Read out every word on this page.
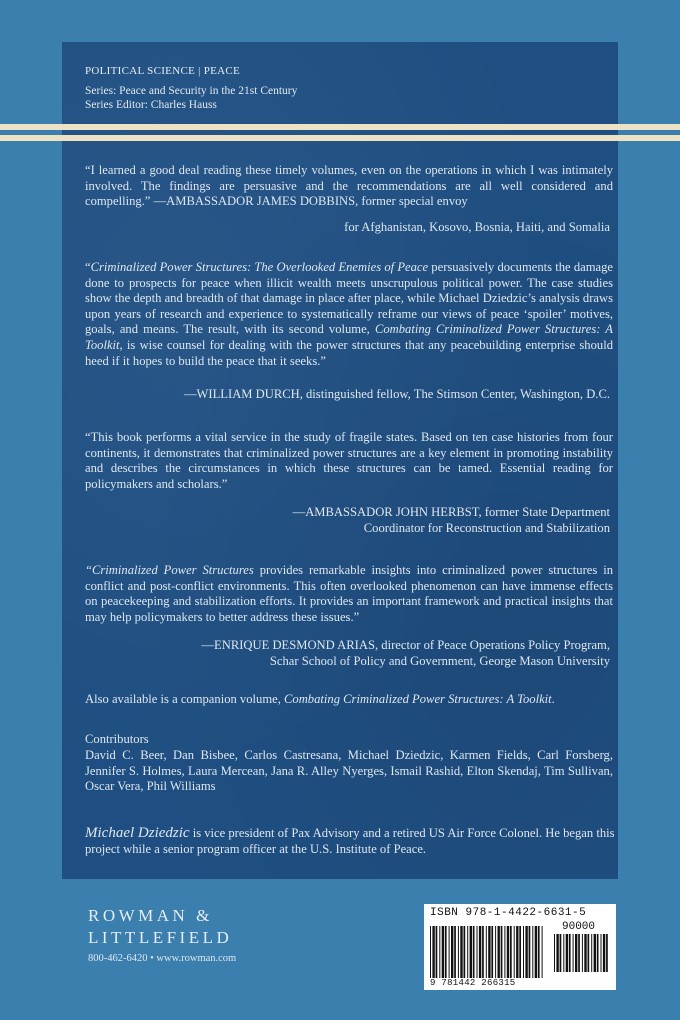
POLITICAL SCIENCE | PEACE
Series: Peace and Security in the 21st Century
Series Editor: Charles Hauss

“I learned a good deal reading these timely volumes, even on the operations in which I was intimately involved. The findings are persuasive and the recommendations are all well considered and compelling.” —AMBASSADOR JAMES DOBBINS, former special envoy

for Afghanistan, Kosovo, Bosnia, Haiti, and Somalia

“Criminalized Power Structures: The Overlooked Enemies of Peace persuasively documents the damage done to prospects for peace when illicit wealth meets unscrupulous political power. The case studies show the depth and breadth of that damage in place after place, while Michael Dziedzic’s analysis draws upon years of research and experience to systematically reframe our views of peace ‘spoiler’ motives, goals, and means. The result, with its second volume, Combating Criminalized Power Structures: A Toolkit, is wise counsel for dealing with the power structures that any peacebuilding enterprise should heed if it hopes to build the peace that it seeks.”

—WILLIAM DURCH, distinguished fellow, The Stimson Center, Washington, D.C.

“This book performs a vital service in the study of fragile states. Based on ten case histories from four continents, it demonstrates that criminalized power structures are a key element in promoting instability and describes the circumstances in which these structures can be tamed. Essential reading for policymakers and scholars.”

—AMBASSADOR JOHN HERBST, former State Department
Coordinator for Reconstruction and Stabilization

“Criminalized Power Structures provides remarkable insights into criminalized power structures in conflict and post-conflict environments. This often overlooked phenomenon can have immense effects on peacekeeping and stabilization efforts. It provides an important framework and practical insights that may help policymakers to better address these issues.”

—ENRIQUE DESMOND ARIAS, director of Peace Operations Policy Program,
Schar School of Policy and Government, George Mason University

Also available is a companion volume, Combating Criminalized Power Structures: A Toolkit.

Contributors

David C. Beer, Dan Bisbee, Carlos Castresana, Michael Dziedzic, Karmen Fields, Carl Forsberg, Jennifer S. Holmes, Laura Mercean, Jana R. Alley Nyerges, Ismail Rashid, Elton Skendaj, Tim Sullivan, Oscar Vera, Phil Williams

Michael Dziedzic is vice president of Pax Advisory and a retired US Air Force Colonel. He began this project while a senior program officer at the U.S. Institute of Peace.

ROWMAN &
LITTLEFIELD
800-462-6420 • www.rowman.com
ISBN 978-1-4422-6631-5
90000
9 781442 266315
